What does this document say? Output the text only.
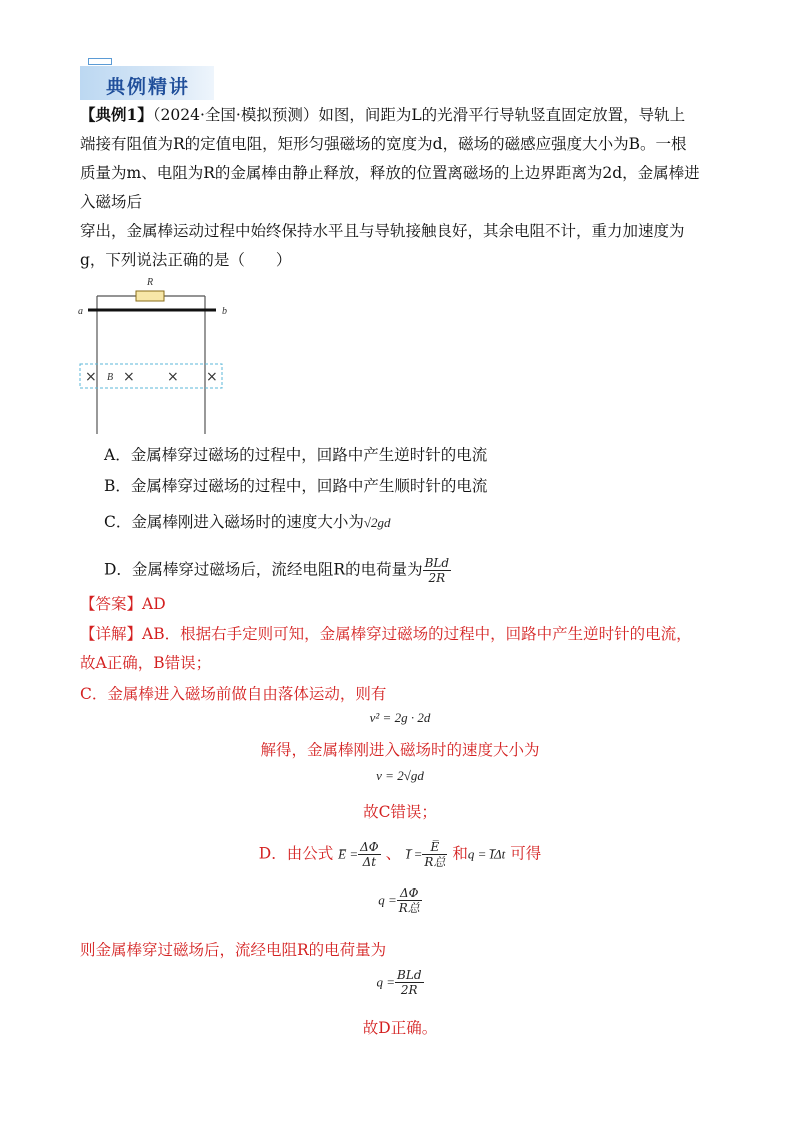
典例精讲
【典例1】（2024·全国·模拟预测）如图，间距为L的光滑平行导轨竖直固定放置，导轨上
端接有阻值为R的定值电阻，矩形匀强磁场的宽度为d，磁场的磁感应强度大小为B。一根
质量为m、电阻为R的金属棒由静止释放，释放的位置离磁场的上边界距离为2d，金属棒进
入磁场后
穿出，金属棒运动过程中始终保持水平且与导轨接触良好，其余电阻不计，重力加速度为
g，下列说法正确的是（　　）
R
a	b
× B × × ×
A．金属棒穿过磁场的过程中，回路中产生逆时针的电流
B．金属棒穿过磁场的过程中，回路中产生顺时针的电流
C．金属棒刚进入磁场时的速度大小为√2gd
D．金属棒穿过磁场后，流经电阻R的电荷量为 $\frac{\text{BLd}}{2R}$
【答案】AD
【详解】AB．根据右手定则可知，金属棒穿过磁场的过程中，回路中产生逆时针的电流，
故A正确，B错误；
C．金属棒进入磁场前做自由落体运动，则有
v² = 2g · 2d
解得，金属棒刚进入磁场时的速度大小为
v = 2√gd
故C错误；
D．由公式 E̅ = $\frac{\Delta\Phi}{\Delta t}$ 、 I̅ = $\frac{E̅}{\text{R总}}$ 和q = I̅Δt 可得
$q = \frac{\Delta\Phi}{\text{R总}}$
则金属棒穿过磁场后，流经电阻R的电荷量为
$q = \frac{\text{BLd}}{2R}$
故D正确。
